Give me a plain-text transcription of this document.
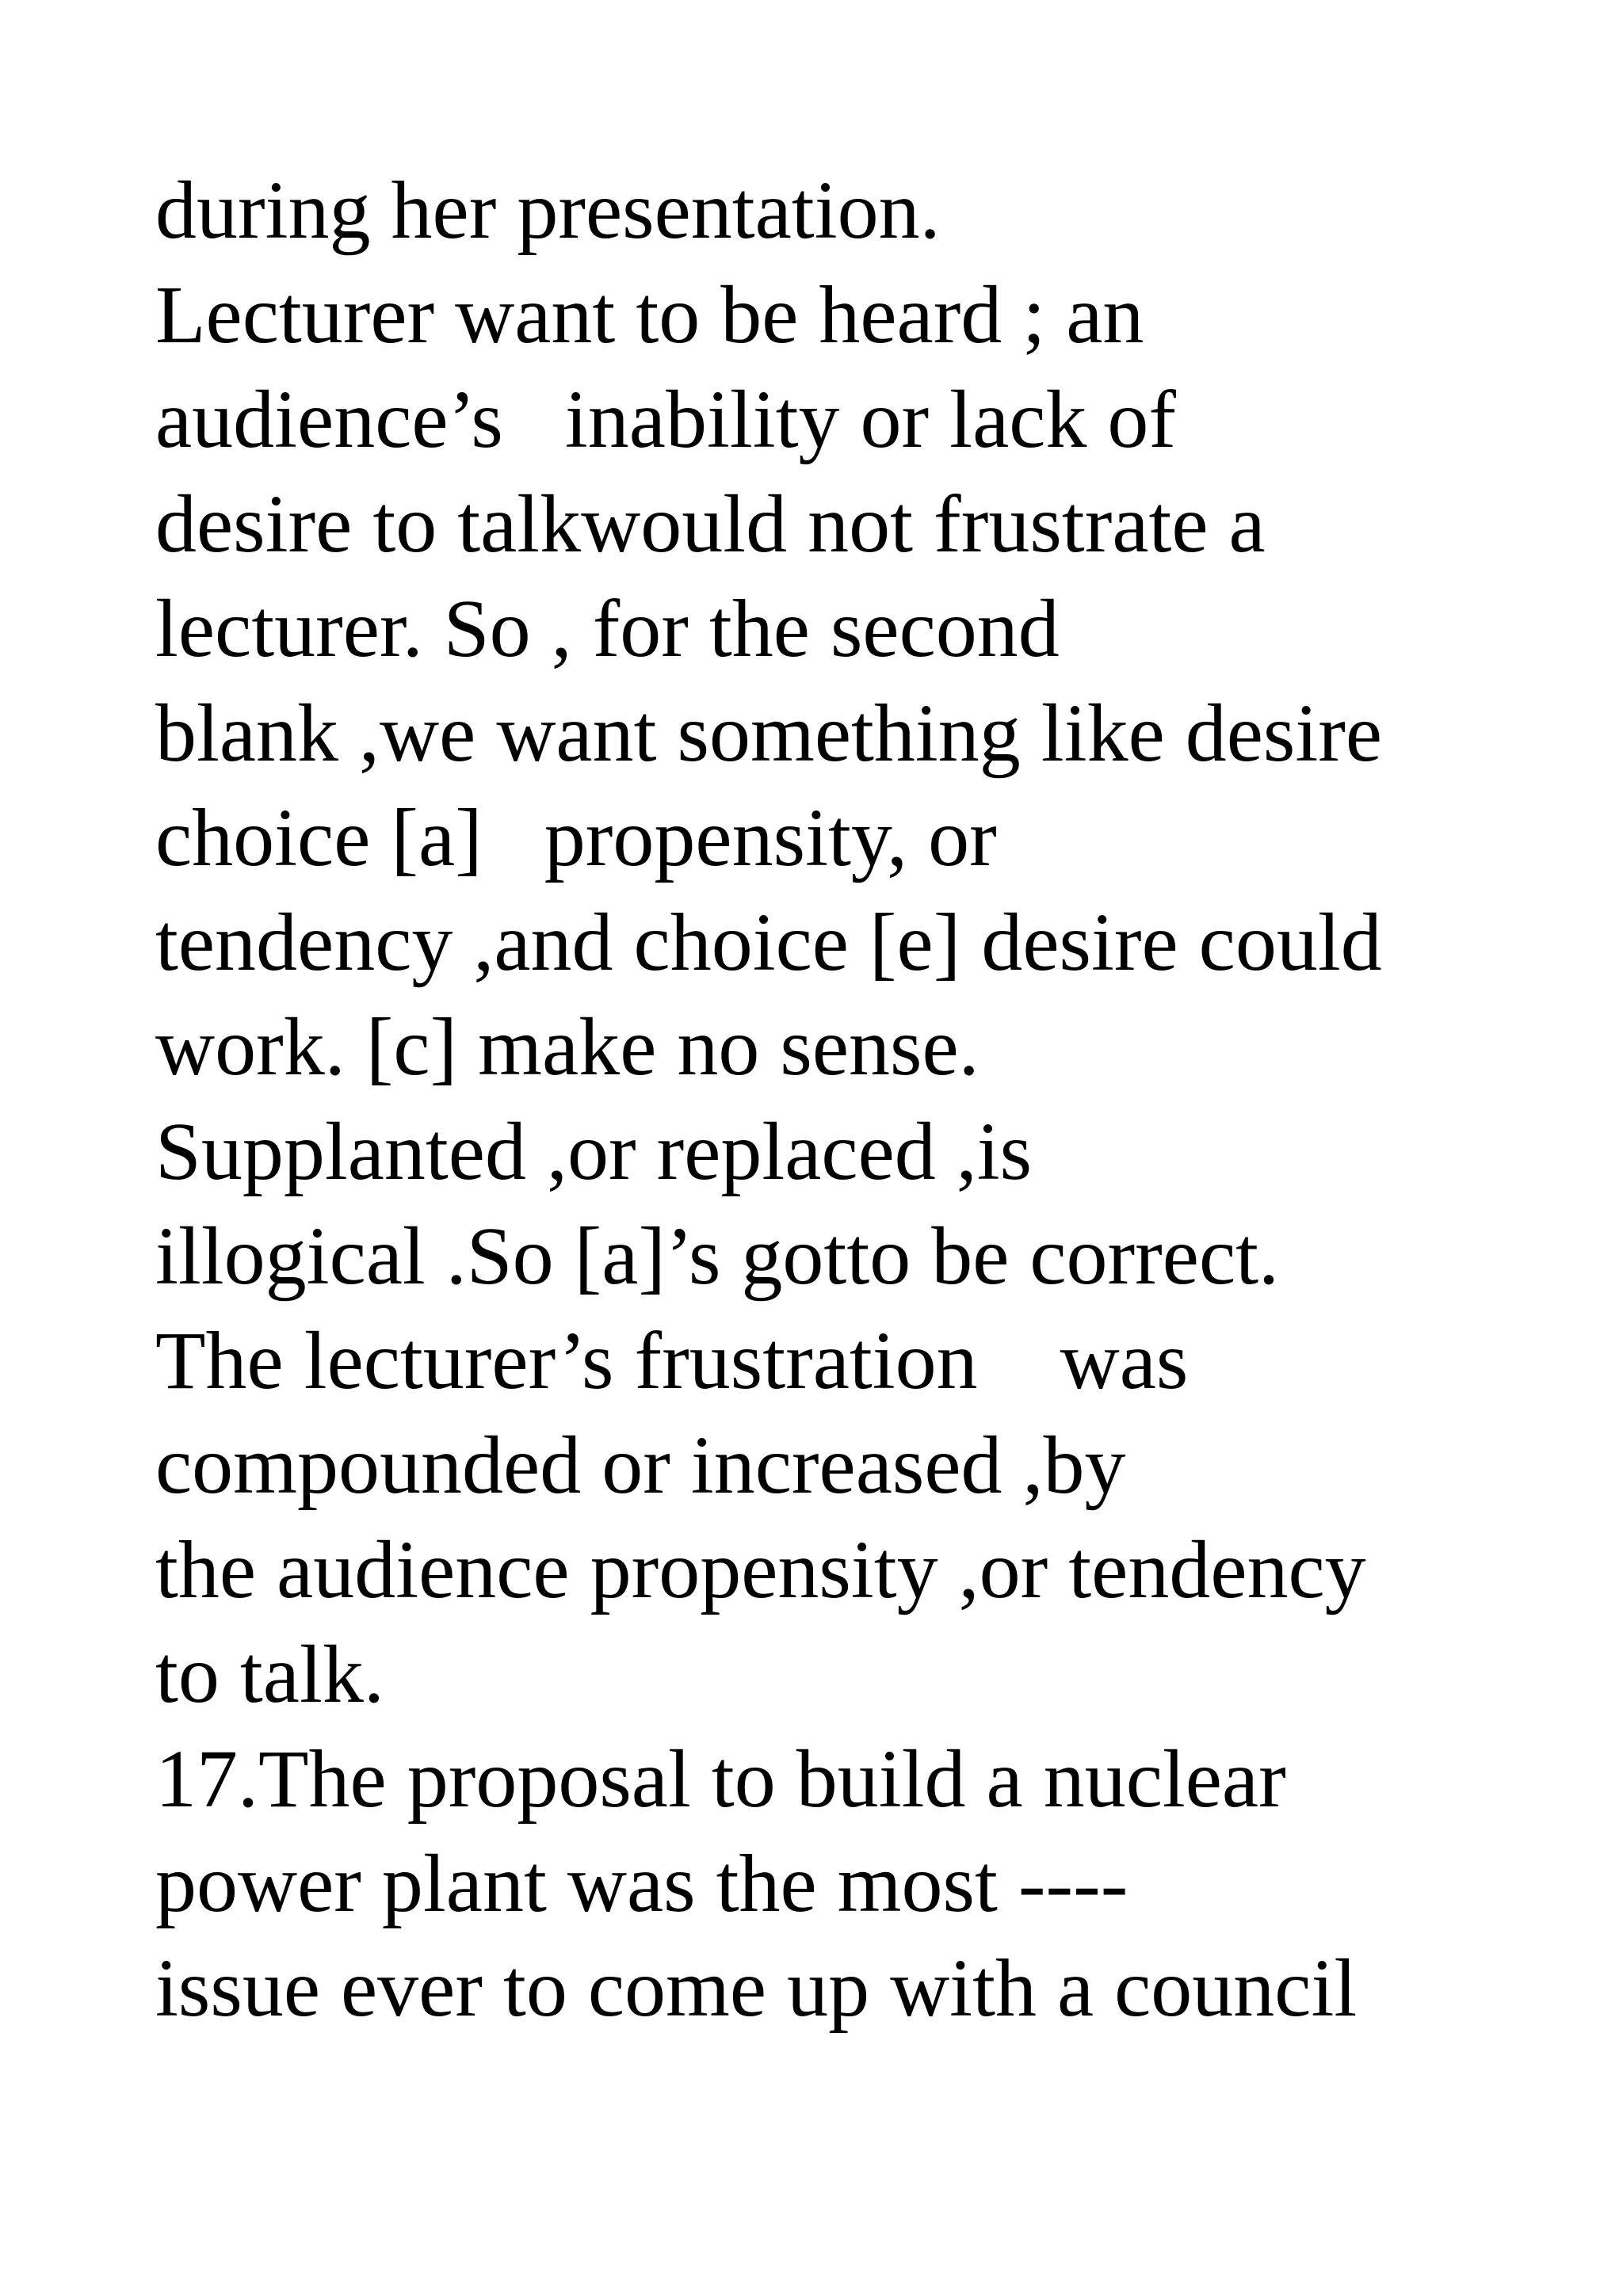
during her presentation.
Lecturer want to be heard ; an
audience’s   inability or lack of
desire to talkwould not frustrate a
lecturer. So , for the second
blank ,we want something like desire
choice [a]   propensity, or
tendency ,and choice [e] desire could
work. [c] make no sense.
Supplanted ,or replaced ,is
illogical .So [a]’s gotto be correct.
The lecturer’s frustration    was
compounded or increased ,by
the audience propensity ,or tendency
to talk.
17.The proposal to build a nuclear
power plant was the most ----
issue ever to come up with a council
